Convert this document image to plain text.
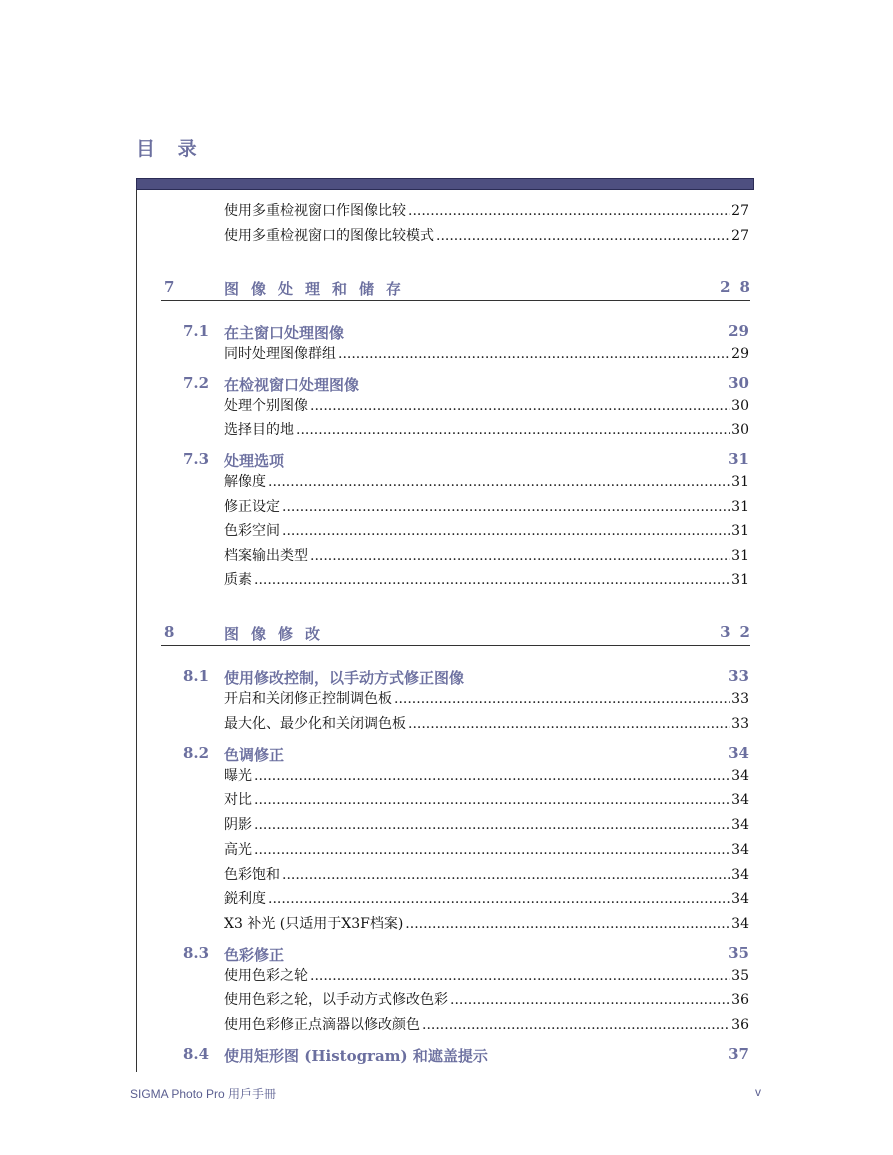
目 录
使用多重检视窗口作图像比较 .....	27
使用多重检视窗口的图像比较模式 .....	27
7	图像处理和储存	28
7.1 在主窗口处理图像	29
同时处理图像群组 .....	29
7.2 在检视窗口处理图像	30
处理个别图像 .....	30
选择目的地 .....	30
7.3 处理选项	31
解像度 .....	31
修正设定 .....	31
色彩空间 .....	31
档案输出类型 .....	31
质素 .....	31
8	图像修改	32
8.1 使用修改控制，以手动方式修正图像	33
开启和关闭修正控制调色板 .....	33
最大化、最少化和关闭调色板 .....	33
8.2 色调修正	34
曝光 .....	34
对比 .....	34
阴影 .....	34
高光 .....	34
色彩饱和 .....	34
鋭利度 .....	34
X3 补光 (只适用于X3F档案) .....	34
8.3 色彩修正	35
使用色彩之轮 .....	35
使用色彩之轮，以手动方式修改色彩 .....	36
使用色彩修正点滴器以修改颜色 .....	36
8.4 使用矩形图 (Histogram) 和遮盖提示	37
SIGMA Photo Pro 用戶手冊	v
